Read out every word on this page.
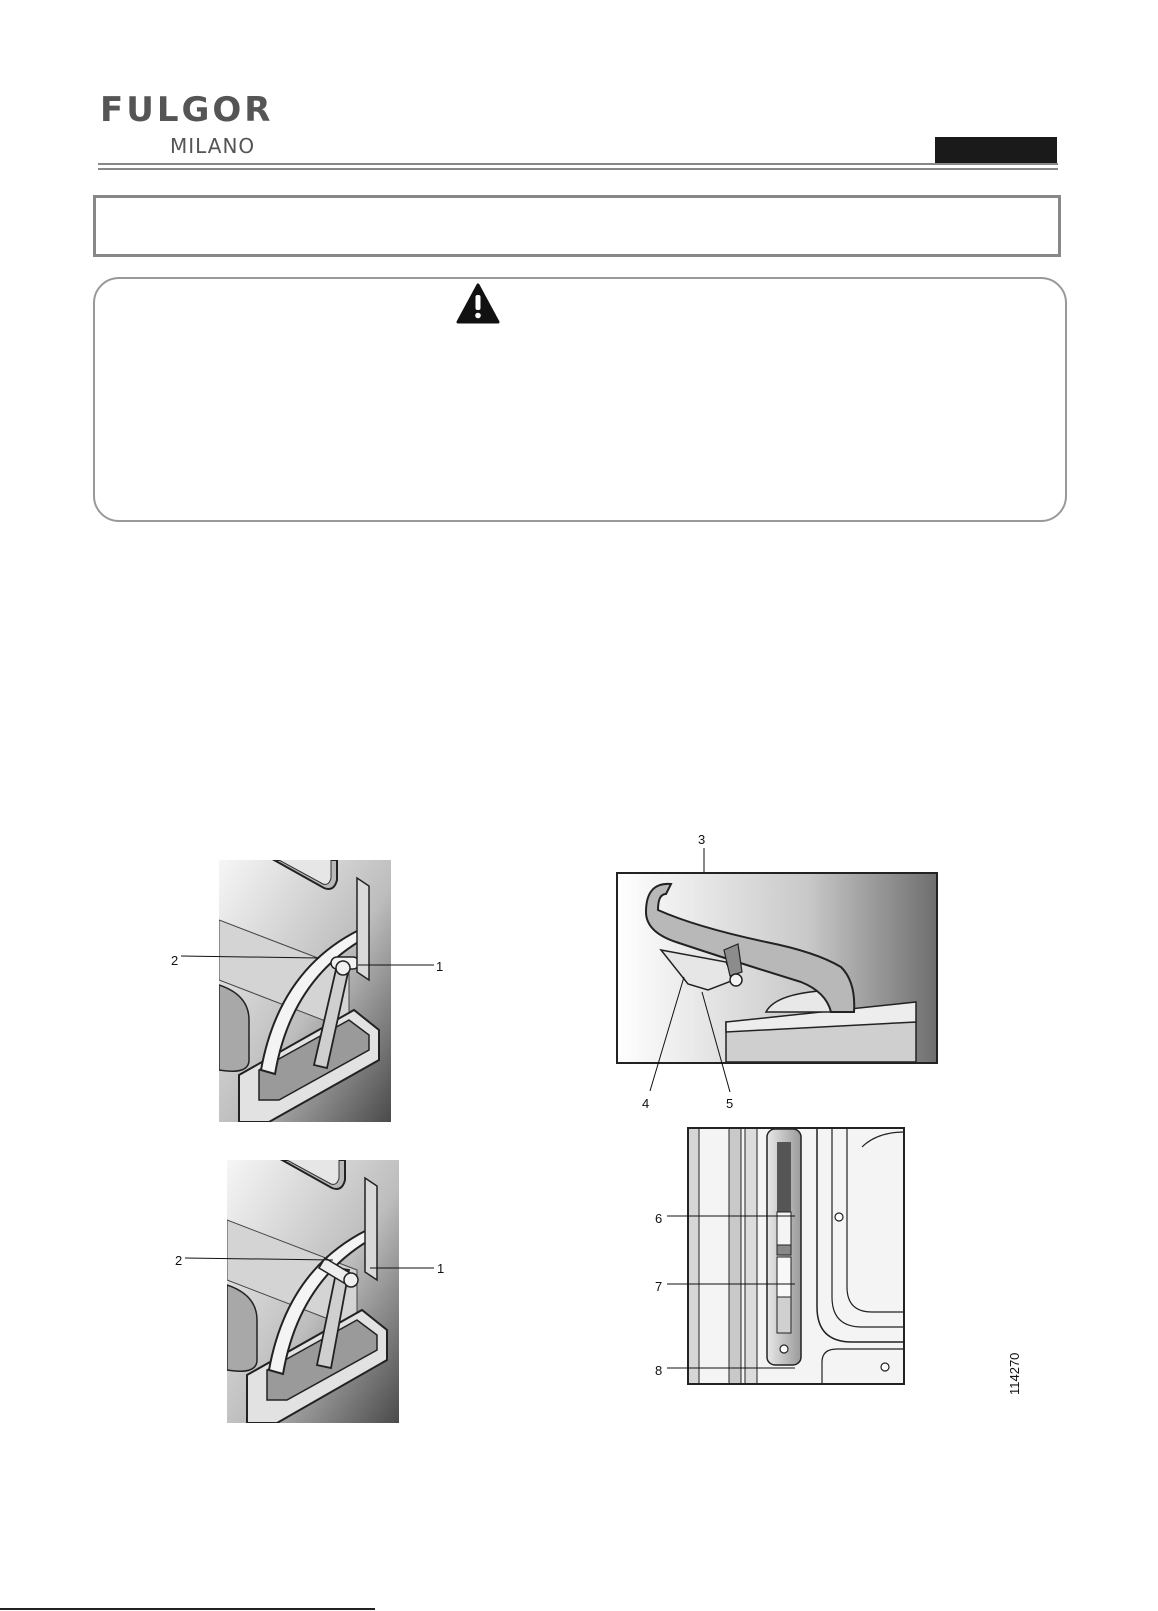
FULGOR
MILANO
2	1
2
1
3
4	5
6
7
8	114270
